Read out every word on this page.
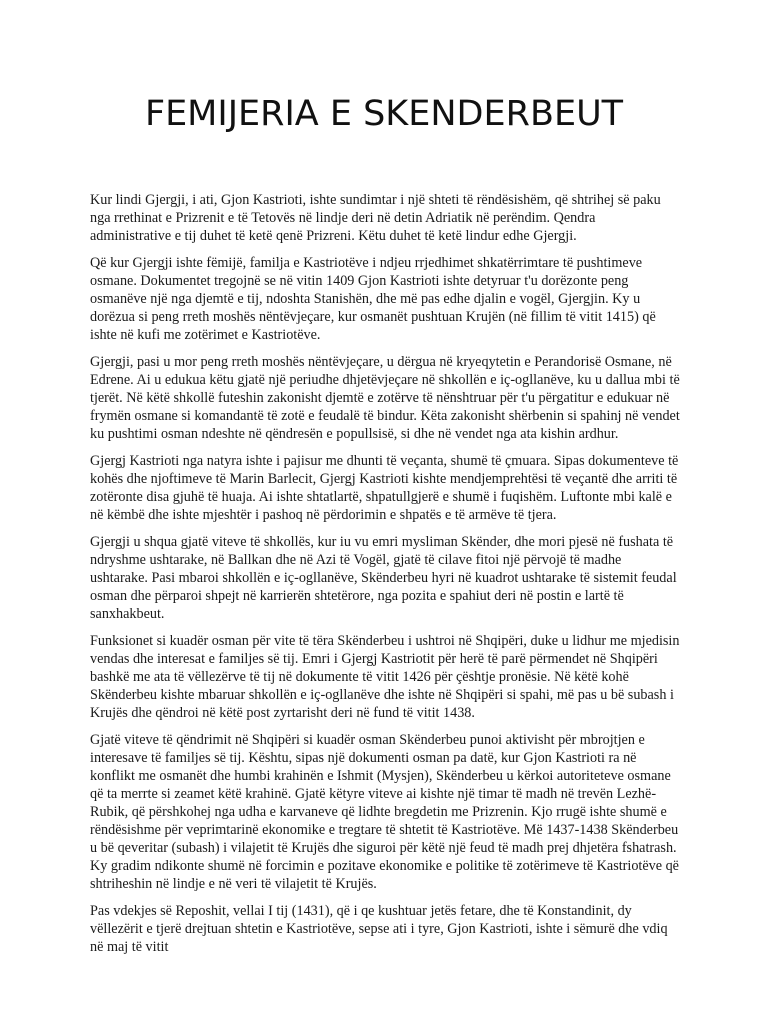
FEMIJERIA E SKENDERBEUT

Kur lindi Gjergji, i ati, Gjon Kastrioti, ishte sundimtar i një shteti të rëndësishëm, që shtrihej së paku nga rrethinat e Prizrenit e të Tetovës në lindje deri në detin Adriatik në perëndim. Qendra administrative e tij duhet të ketë qenë Prizreni. Këtu duhet të ketë lindur edhe Gjergji.

Që kur Gjergji ishte fëmijë, familja e Kastriotëve i ndjeu rrjedhimet shkatërrimtare të pushtimeve osmane. Dokumentet tregojnë se në vitin 1409 Gjon Kastrioti ishte detyruar t'u dorëzonte peng osmanëve një nga djemtë e tij, ndoshta Stanishën, dhe më pas edhe djalin e vogël, Gjergjin. Ky u dorëzua si peng rreth moshës nëntëvjeçare, kur osmanët pushtuan Krujën (në fillim të vitit 1415) që ishte në kufi me zotërimet e Kastriotëve.

Gjergji, pasi u mor peng rreth moshës nëntëvjeçare, u dërgua në kryeqytetin e Perandorisë Osmane, në Edrene. Ai u edukua këtu gjatë një periudhe dhjetëvjeçare në shkollën e iç-ogllanëve, ku u dallua mbi të tjerët. Në këtë shkollë futeshin zakonisht djemtë e zotërve të nënshtruar për t'u përgatitur e edukuar në frymën osmane si komandantë të zotë e feudalë të bindur. Këta zakonisht shërbenin si spahinj në vendet ku pushtimi osman ndeshte në qëndresën e popullsisë, si dhe në vendet nga ata kishin ardhur.

Gjergj Kastrioti nga natyra ishte i pajisur me dhunti të veçanta, shumë të çmuara. Sipas dokumenteve të kohës dhe njoftimeve të Marin Barlecit, Gjergj Kastrioti kishte mendjemprehtësi të veçantë dhe arriti të zotëronte disa gjuhë të huaja. Ai ishte shtatlartë, shpatullgjerë e shumë i fuqishëm. Luftonte mbi kalë e në këmbë dhe ishte mjeshtër i pashoq në përdorimin e shpatës e të armëve të tjera.

Gjergji u shqua gjatë viteve të shkollës, kur iu vu emri mysliman Skënder, dhe mori pjesë në fushata të ndryshme ushtarake, në Ballkan dhe në Azi të Vogël, gjatë të cilave fitoi një përvojë të madhe ushtarake. Pasi mbaroi shkollën e iç-ogllanëve, Skënderbeu hyri në kuadrot ushtarake të sistemit feudal osman dhe përparoi shpejt në karrierën shtetërore, nga pozita e spahiut deri në postin e lartë të sanxhakbeut.

Funksionet si kuadër osman për vite të tëra Skënderbeu i ushtroi në Shqipëri, duke u lidhur me mjedisin vendas dhe interesat e familjes së tij. Emri i Gjergj Kastriotit për herë të parë përmendet në Shqipëri bashkë me ata të vëllezërve të tij në dokumente të vitit 1426 për çështje pronësie. Në këtë kohë Skënderbeu kishte mbaruar shkollën e iç-ogllanëve dhe ishte në Shqipëri si spahi, më pas u bë subash i Krujës dhe qëndroi në këtë post zyrtarisht deri në fund të vitit 1438.

Gjatë viteve të qëndrimit në Shqipëri si kuadër osman Skënderbeu punoi aktivisht për mbrojtjen e interesave të familjes së tij. Kështu, sipas një dokumenti osman pa datë, kur Gjon Kastrioti ra në konflikt me osmanët dhe humbi krahinën e Ishmit (Mysjen), Skënderbeu u kërkoi autoriteteve osmane që ta merrte si zeamet këtë krahinë. Gjatë këtyre viteve ai kishte një timar të madh në trevën Lezhë-Rubik, që përshkohej nga udha e karvaneve që lidhte bregdetin me Prizrenin. Kjo rrugë ishte shumë e rëndësishme për veprimtarinë ekonomike e tregtare të shtetit të Kastriotëve. Më 1437-1438 Skënderbeu u bë qeveritar (subash) i vilajetit të Krujës dhe siguroi për këtë një feud të madh prej dhjetëra fshatrash. Ky gradim ndikonte shumë në forcimin e pozitave ekonomike e politike të zotërimeve të Kastriotëve që shtriheshin në lindje e në veri të vilajetit të Krujës.

Pas vdekjes së Reposhit, vellai I tij (1431), që i qe kushtuar jetës fetare, dhe të Konstandinit, dy vëllezërit e tjerë drejtuan shtetin e Kastriotëve, sepse ati i tyre, Gjon Kastrioti, ishte i sëmurë dhe vdiq në maj të vitit
